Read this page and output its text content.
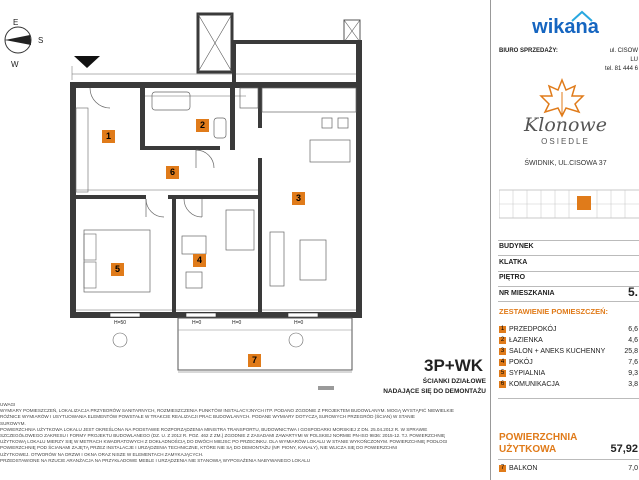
E
S
W
1
2
3
4
5
6
7
H=50	H=0	H=0	H=0
3P+WK
ŚCIANKI DZIAŁOWE
NADAJĄCE SIĘ DO DEMONTAŻU
UWAGI
WYMIARY POMIESZCZEŃ, LOKALIZACJA PRZYBORÓW SANITARNYCH, ROZMIESZCZENIA PUNKTÓW INSTALACYJNYCH ITP. PODANO ZGODNIE Z PROJEKTEM BUDOWLANYM. MOGĄ WYSTĄPIĆ NIEWIELKIE
RÓŻNICE WYMIARÓW I USYTUOWANIA ELEMENTÓW POWSTAŁE W TRAKCIE REALIZACJI PRAC BUDOWLANYCH. PODANE WYMIARY DOTYCZĄ SUROWYCH PRZEGRÓD (ŚCIAN) W STANIE
SUROWYM.
POWIERZCHNIA UŻYTKOWA LOKALU JEST OKREŚLONA NA PODSTAWIE ROZPORZĄDZENIA MINISTRA TRANSPORTU, BUDOWNICTWA I GOSPODARKI MORSKIEJ Z DN. 25.04.2012 R. W SPRAWIE
SZCZEGÓŁOWEGO ZAKRESU I FORMY PROJEKTU BUDOWLANEGO (DZ. U. Z 2012 R. POZ. 462 Z ZM.) ZGODNIE Z ZASADAMI ZAWARTYMI W POLSKIEJ NORMIE PN-ISO 9836: 2015-12. TJ. POWIERZCHNIĘ
UŻYTKOWĄ LOKALU MIERZY SIĘ W METRACH KWADRATOWYCH Z DOKŁADNOŚCIĄ DO DWÓCH MIEJSC PO PRZECINKU. DLA WYMIARÓW LOKALU W STANIE WYKOŃCZONYM. POWIERZCHNIĘ PODŁOGI
POWIERZCHNIĘ POD ŚCIANAMI ZAJĘTĄ PRZEZ INSTALACJE I URZĄDZENIA TECHNICZNE, KTÓRE NIE SĄ DO DEMONTAŻU (NP. PIONY, KANAŁY), NIE WLICZA SIĘ DO POWIERZCHNI
UŻYTKOWEJ. OTWORÓW NA DRZWI I OKNA ORAZ NISZE W ELEMENTACH ZAMYKAJĄCYCH.
PRZEDSTAWIONE NA RZUCIE ARANŻACJA NA PRZYKŁADOWE MEBLE I URZĄDZENIA NIE STANOWIĄ WYPOSAŻENIA NABYWANEGO LOKALU
wikana
BIURO SPRZEDAŻY:	ul. CISOW
LU
tel. 81 444 6
Klonowe
OSIEDLE
ŚWIDNIK, UL.CISOWA 37
BUDYNEK
KLATKA
PIĘTRO
NR MIESZKANIA	5.
ZESTAWIENIE POMIESZCZEŃ:
1 PRZEDPOKÓJ	6,6
2 ŁAZIENKA	4,6
3 SALON + ANEKS KUCHENNY	25,8
4 POKÓJ	7,6
5 SYPIALNIA	9,3
6 KOMUNIKACJA	3,8
POWIERZCHNIA
UŻYTKOWA	57,92
7 BALKON	7,0
